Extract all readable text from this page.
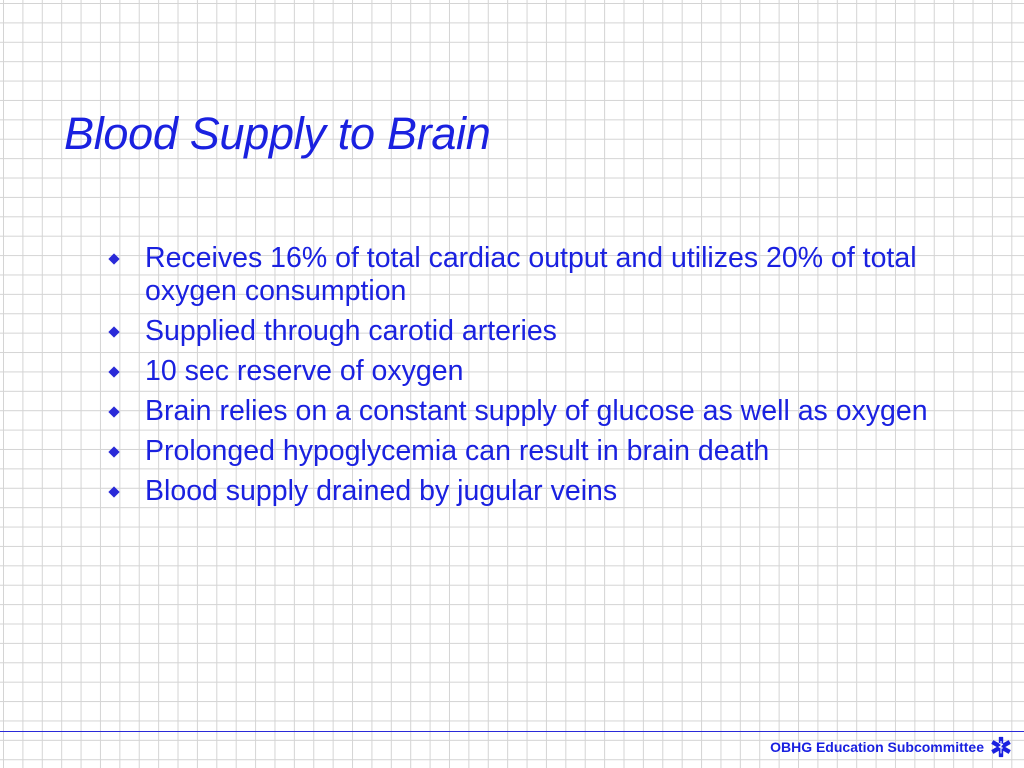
Blood Supply to Brain
Receives 16% of total cardiac output and utilizes 20% of total oxygen consumption
Supplied through carotid arteries
10 sec reserve of oxygen
Brain relies on a constant supply of glucose as well as oxygen
Prolonged hypoglycemia can result in brain death
Blood supply drained by jugular veins
OBHG Education Subcommittee
